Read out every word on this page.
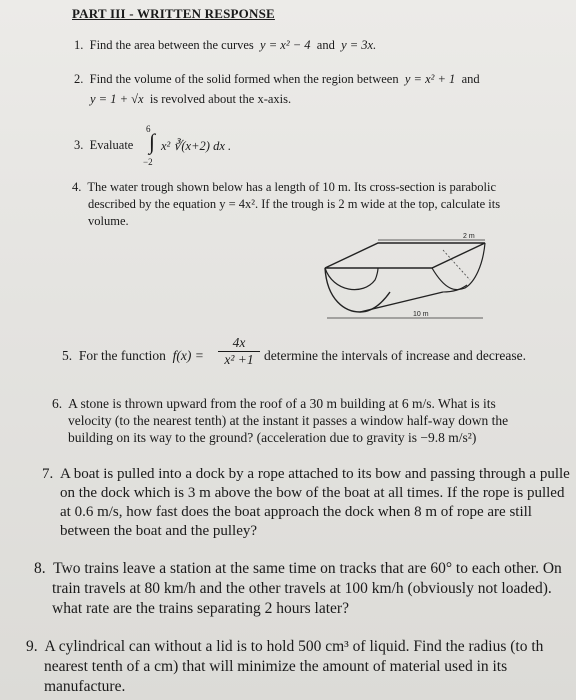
PART III - WRITTEN RESPONSE
1. Find the area between the curves y = x² − 4 and y = 3x.
2. Find the volume of the solid formed when the region between y = x² + 1 and
y = 1 + √x is revolved about the x-axis.
3. Evaluate
6
∫
−2
x² ∛(x+2) dx .
4. The water trough shown below has a length of 10 m. Its cross-section is parabolic
described by the equation y = 4x². If the trough is 2 m wide at the top, calculate its
volume.
2 m
10 m
5. For the function $f(x) = \frac{4x}{\text{x² +1}}$ determine the intervals of increase and decrease.
6. A stone is thrown upward from the roof of a 30 m building at 6 m/s. What is its
velocity (to the nearest tenth) at the instant it passes a window half-way down the
building on its way to the ground? (acceleration due to gravity is −9.8 m/s²)
7. A boat is pulled into a dock by a rope attached to its bow and passing through a pulle
on the dock which is 3 m above the bow of the boat at all times. If the rope is pulled
at 0.6 m/s, how fast does the boat approach the dock when 8 m of rope are still
between the boat and the pulley?
8. Two trains leave a station at the same time on tracks that are 60° to each other. On
train travels at 80 km/h and the other travels at 100 km/h (obviously not loaded).
what rate are the trains separating 2 hours later?
9. A cylindrical can without a lid is to hold 500 cm³ of liquid. Find the radius (to th
nearest tenth of a cm) that will minimize the amount of material used in its
manufacture.
